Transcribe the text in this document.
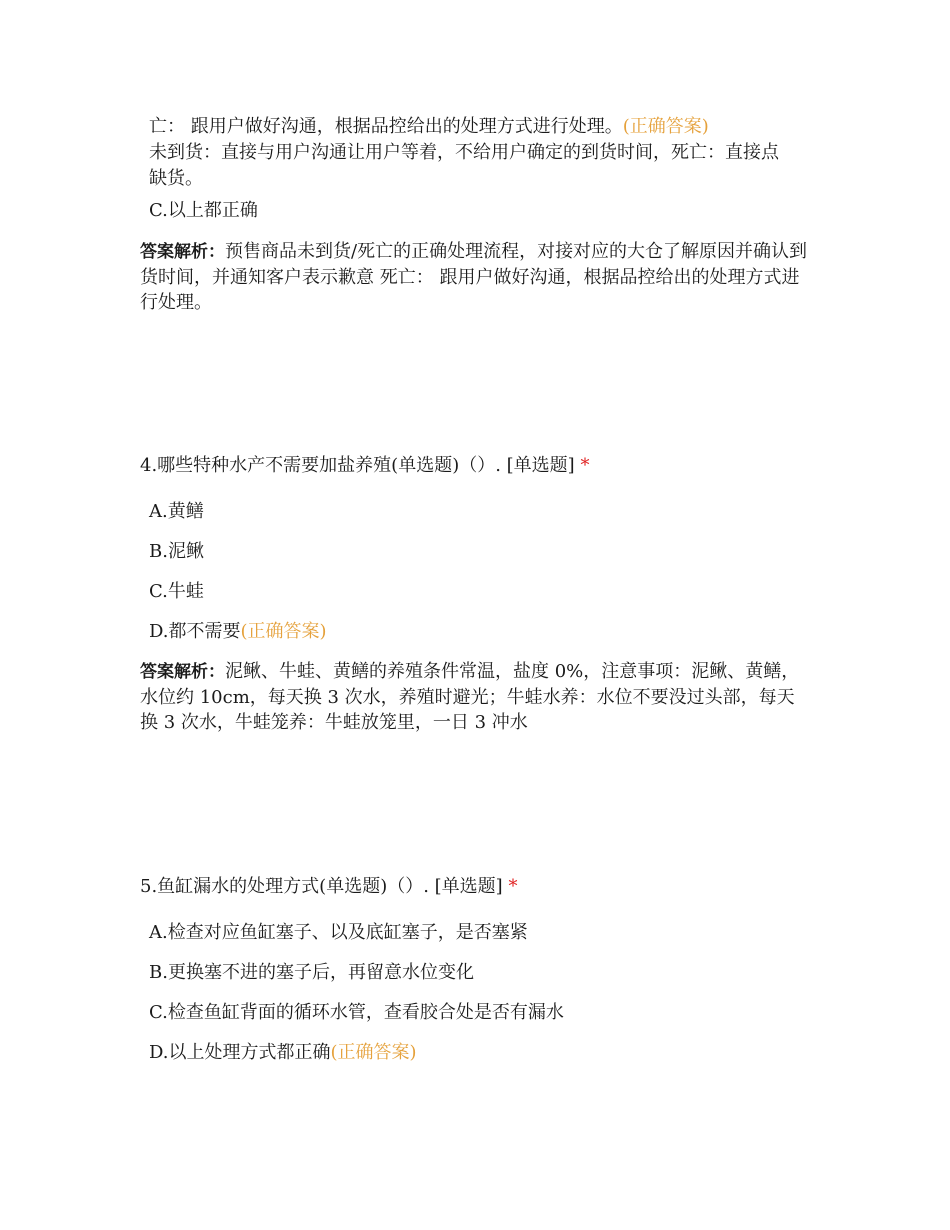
亡： 跟用户做好沟通，根据品控给出的处理方式进行处理。(正确答案)
未到货：直接与用户沟通让用户等着，不给用户确定的到货时间，死亡：直接点
缺货。
C.以上都正确
答案解析：预售商品未到货/死亡的正确处理流程，对接对应的大仓了解原因并确认到货时间，并通知客户表示歉意 死亡： 跟用户做好沟通，根据品控给出的处理方式进行处理。
4.哪些特种水产不需要加盐养殖(单选题)（）. [单选题] *
A.黄鳝
B.泥鳅
C.牛蛙
D.都不需要(正确答案)
答案解析：泥鳅、牛蛙、黄鳝的养殖条件常温，盐度 0%，注意事项：泥鳅、黄鳝，水位约 10cm，每天换 3 次水，养殖时避光；牛蛙水养：水位不要没过头部，每天换 3 次水，牛蛙笼养：牛蛙放笼里，一日 3 冲水
5.鱼缸漏水的处理方式(单选题)（）. [单选题] *
A.检查对应鱼缸塞子、以及底缸塞子，是否塞紧
B.更换塞不进的塞子后，再留意水位变化
C.检查鱼缸背面的循环水管，查看胶合处是否有漏水
D.以上处理方式都正确(正确答案)
